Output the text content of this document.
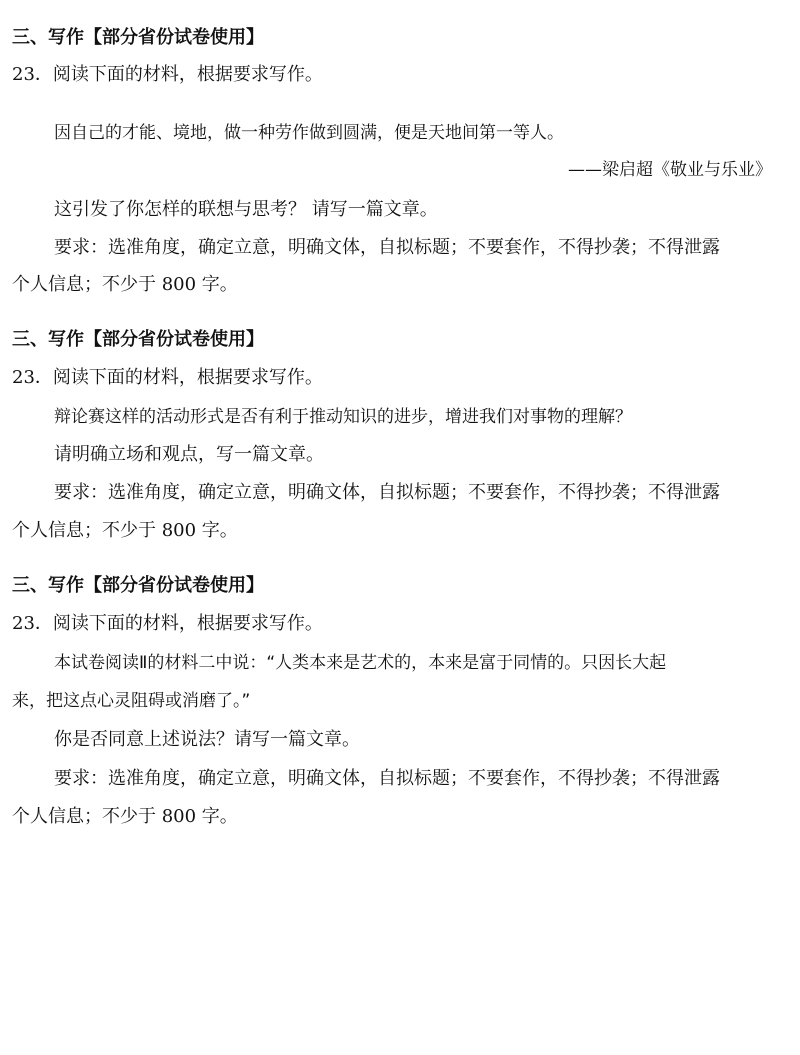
三、写作【部分省份试卷使用】
23．阅读下面的材料，根据要求写作。
因自己的才能、境地，做一种劳作做到圆满，便是天地间第一等人。
——梁启超《敬业与乐业》
这引发了你怎样的联想与思考？ 请写一篇文章。
要求：选准角度，确定立意，明确文体，自拟标题；不要套作，不得抄袭；不得泄露
个人信息；不少于 800 字。
三、写作【部分省份试卷使用】
23．阅读下面的材料，根据要求写作。
辩论赛这样的活动形式是否有利于推动知识的进步，增进我们对事物的理解？
请明确立场和观点，写一篇文章。
要求：选准角度，确定立意，明确文体，自拟标题；不要套作，不得抄袭；不得泄露
个人信息；不少于 800 字。
三、写作【部分省份试卷使用】
23．阅读下面的材料，根据要求写作。
本试卷阅读Ⅱ的材料二中说：“人类本来是艺术的，本来是富于同情的。只因长大起
来，把这点心灵阻碍或消磨了。”
你是否同意上述说法？请写一篇文章。
要求：选准角度，确定立意，明确文体，自拟标题；不要套作，不得抄袭；不得泄露
个人信息；不少于 800 字。
